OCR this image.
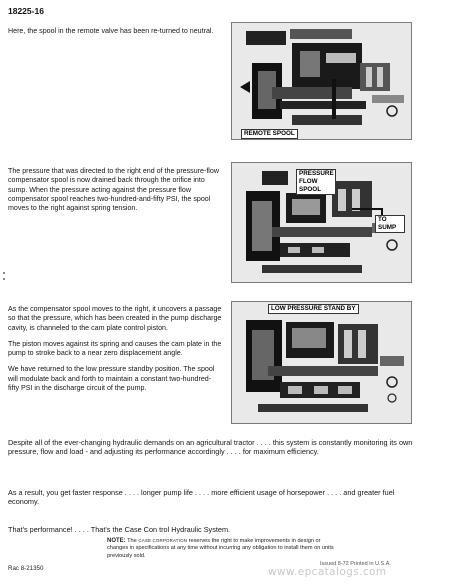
18225-16
Here, the spool in the remote valve has been re-turned to neutral.
REMOTE SPOOL
The pressure that was directed to the right end of the pressure-flow compensator spool is now drained back through the orifice into sump. When the pressure acting against the pressure flow compensator spool reaches two-hundred-and-fifty PSI, the spool moves to the right against spring tension.
PRESSURE FLOW SPOOL
TO SUMP

As the compensator spool moves to the right, it uncovers a passage so that the pressure, which has been created in the pump discharge cavity, is channeled to the cam plate control piston.

The piston moves against its spring and causes the cam plate in the pump to stroke back to a near zero displacement angle.

We have returned to the low pressure standby position. The spool will modulate back and forth to maintain a constant two-hundred-fifty PSI in the discharge circuit of the pump.

LOW PRESSURE STAND BY
Despite all of the ever-changing hydraulic demands on an agricultural tractor . . . . this system is constantly monitoring its own pressure, flow and load - and adjusting its performance accordingly . . . . for maximum efficiency.
As a result, you get faster response . . . . longer pump life . . . . more efficient usage of horsepower . . . . and greater fuel economy.
That's performance! . . . . That's the Case Con trol Hydraulic System.
NOTE: The CASE CORPORATION reserves the right to make improvements in design or changes in specifications at any time without incurring any obligation to install them on units previously sold.
Rac 8-21350
Issued 8-72 Printed in U.S.A.
www.epcatalogs.com
